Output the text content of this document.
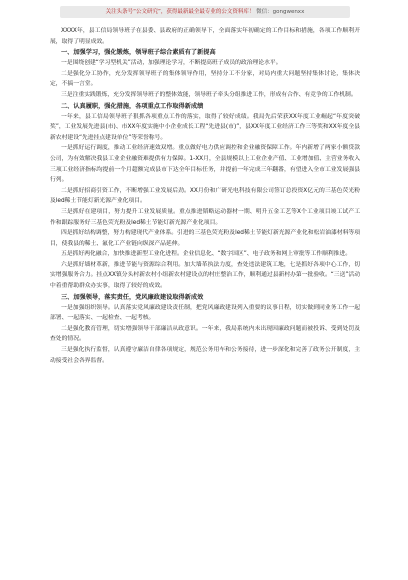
关注头条号“公文研究”，获得最新最全最专业的公文资料库！ 微信：gongwenxx

XXXX年，县工信局领导班子在县委、县政府的正确领导下，全面落实年初确定的工作目标和措施，各项工作顺利开展，取得了明显成效。

一、加强学习，强化锻炼，领导班子综合素质有了新提高

一是围绕创建“学习型机关”活动，加强理论学习，不断提高班子成员的政治理论水平。

二是强化分工协作，充分发挥领导班子的集体领导作用，坚持分工不分家，对局内重大问题坚持集体讨论，集体决定，不搞一言堂。

三是注重实践锻炼，充分发挥领导班子的整体效能，领导班子牵头分组推进工作，形成有合作、有竞争的工作机制。

二、认真履职，强化措施，各项重点工作取得新成绩

一年来，县工信局领导班子狠抓各项重点工作的落实，取得了较好成绩。我局先后荣获XX年度工业崛起“年度突破奖”，工业发展先进县(市)、市XX年度实施中小企业成长工程“先进县(市)”，县XX年度工业经济工作三等奖和XX年度全县新农村建设“先进挂点建设单位”等荣誉称号。

一是抓好运行调度，推动工业经济速效双增。重点做好电力供应调控和企业融资保障工作。年内新增了两家小额贷款公司，为有效解决我县工业企业融资难提供有力保障。1-XX月，全县规模以上工业企业产值、工业增加值、主营业务收入三项工业经济指标均提前一个月超额完成县市下达全年目标任务，并提前一年完成三年翻番，有望进入全市工业发展强县行列。

二是抓好招商引资工作，不断增强工业发展后劲。XX月份和广研光电科技有限公司签订总投资X亿元的三基色荧光粉及led稀土节能灯新光源产业化项目。

三是抓好在建项目，努力提升工业发展质量。重点推进韬略运动器材一期、明升五金工艺等X个工业项目竣工试产工作和跟踪服务好三基色荧光粉及led稀土节能灯新光源产业化项目。

四是抓好结构调整，努力构建现代产业体系。引进的三基色荧光粉及led稀土节能灯新光源产业化和松岩油漆材料等项目，使我县的稀土、氟化工产业链向纵深产品延伸。

五是抓好两化融合，加快推进新型工业化进程。企业信息化、“数字国区”、电子政务和网上审批等工作顺利推进。

六是抓好墙材革新，推进节能与资源综合利用。加大墙革执法力度，查处违法建筑工地，七是抓好各项中心工作，切实增强服务合力。挂点XX镇分头村新农村小组新农村建设点的村庄整治工作，顺利通过县新村办第一批验收。“三送”活动中着重帮助群众办实事，取得了较好的成效。

三、加强领导，落实责任，党风廉政建设取得新成效

一是加强组织领导。认真落实党风廉政建设责任制，把党风廉政建设列入重要的议事日程，切实做到同业务工作一起部署、一起落实、一起检查、一起考核。

二是强化教育管理，切实增强领导干部廉洁从政意识。一年来，我局系统内未出现因廉政问题而被投诉、受到处罚及查处的情况。

三是强化执行监督，认真遵守廉洁自律各项规定，规范公务用车和公务接待，进一步深化和完善了政务公开制度，主动接受社会各界监督。
